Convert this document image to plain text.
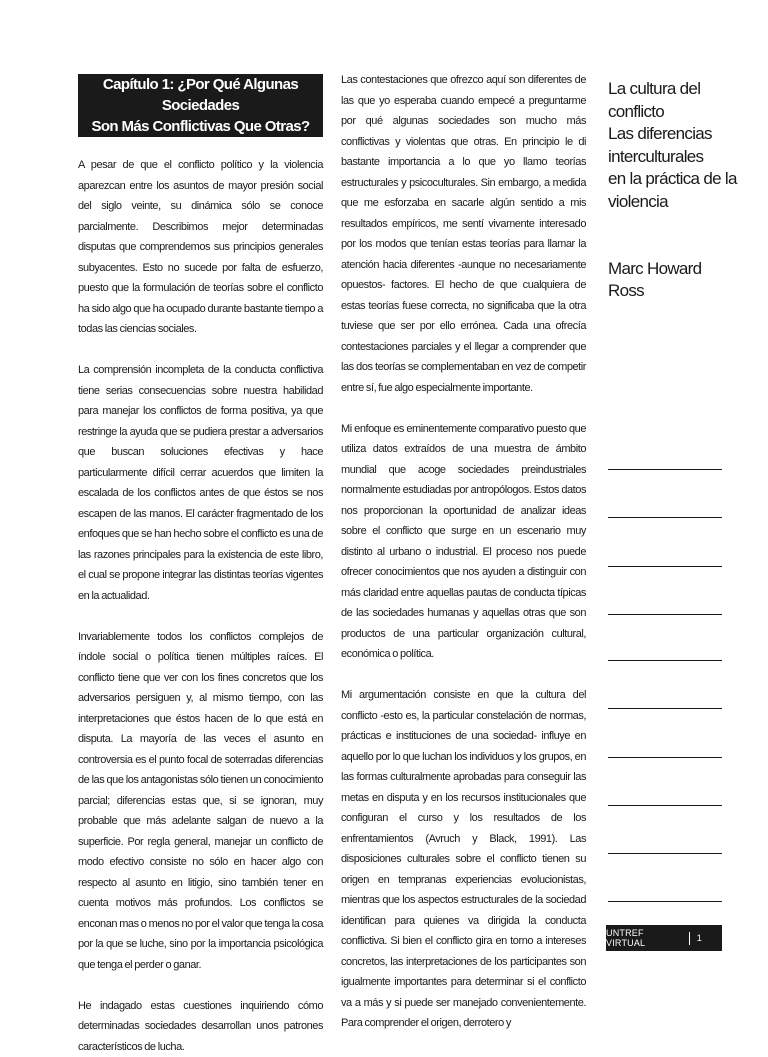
Capítulo 1: ¿Por Qué Algunas Sociedades
Son Más Conflictivas Que Otras?

A pesar de que el conflicto político y la violencia aparezcan entre los asuntos de mayor presión social del siglo veinte, su dinámica sólo se conoce parcialmente. Describimos mejor determinadas disputas que comprendemos sus principios generales subyacentes. Esto no sucede por falta de esfuerzo, puesto que la formulación de teorías sobre el conflicto ha sido algo que ha ocupado durante bastante tiempo a todas las ciencias sociales.

La comprensión incompleta de la conducta conflictiva tiene serias consecuencias sobre nuestra habilidad para manejar los conflictos de forma positiva, ya que restringe la ayuda que se pudiera prestar a adversarios que buscan soluciones efectivas y hace particularmente difícil cerrar acuerdos que limiten la escalada de los conflictos antes de que éstos se nos escapen de las manos. El carácter fragmentado de los enfoques que se han hecho sobre el conflicto es una de las razones principales para la existencia de este libro, el cual se propone integrar las distintas teorías vigentes en la actualidad.

Invariablemente todos los conflictos complejos de índole social o política tienen múltiples raíces. El conflicto tiene que ver con los fines concretos que los adversarios persiguen y, al mismo tiempo, con las interpretaciones que éstos hacen de lo que está en disputa. La mayoría de las veces el asunto en controversia es el punto focal de soterradas diferencias de las que los antagonistas sólo tienen un conocimiento parcial; diferencias estas que, si se ignoran, muy probable que más adelante salgan de nuevo a la superficie. Por regla general, manejar un conflicto de modo efectivo consiste no sólo en hacer algo con respecto al asunto en litigio, sino también tener en cuenta motivos más profundos. Los conflictos se enconan mas o menos no por el valor que tenga la cosa por la que se luche, sino por la importancia psicológica que tenga el perder o ganar.

He indagado estas cuestiones inquiriendo cómo determinadas sociedades desarrollan unos patrones característicos de lucha.

Las contestaciones que ofrezco aquí son diferentes de las que yo esperaba cuando empecé a preguntarme por qué algunas sociedades son mucho más conflictivas y violentas que otras. En principio le di bastante importancia a lo que yo llamo teorías estructurales y psicoculturales. Sin embargo, a medida que me esforzaba en sacarle algún sentido a mis resultados empíricos, me sentí vivamente interesado por los modos que tenían estas teorías para llamar la atención hacia diferentes -aunque no necesariamente opuestos- factores. El hecho de que cualquiera de estas teorías fuese correcta, no significaba que la otra tuviese que ser por ello errónea. Cada una ofrecía contestaciones parciales y el llegar a comprender que las dos teorías se complementaban en vez de competir entre sí, fue algo especialmente importante.

Mi enfoque es eminentemente comparativo puesto que utiliza datos extraídos de una muestra de ámbito mundial que acoge sociedades preindustriales normalmente estudiadas por antropólogos. Estos datos nos proporcionan la oportunidad de analizar ideas sobre el conflicto que surge en un escenario muy distinto al urbano o industrial. El proceso nos puede ofrecer conocimientos que nos ayuden a distinguir con más claridad entre aquellas pautas de conducta típicas de las sociedades humanas y aquellas otras que son productos de una particular organización cultural, económica o política.

Mi argumentación consiste en que la cultura del conflicto -esto es, la particular constelación de normas, prácticas e instituciones de una sociedad- influye en aquello por lo que luchan los individuos y los grupos, en las formas culturalmente aprobadas para conseguir las metas en disputa y en los recursos institucionales que configuran el curso y los resultados de los enfrentamientos (Avruch y Black, 1991). Las disposiciones culturales sobre el conflicto tienen su origen en tempranas experiencias evolucionistas, mientras que los aspectos estructurales de la sociedad identifican para quienes va dirigida la conducta conflictiva. Si bien el conflicto gira en torno a intereses concretos, las interpretaciones de los participantes son igualmente importantes para determinar si el conflicto va a más y si puede ser manejado convenientemente. Para comprender el origen, derrotero y

La cultura del
conflicto
Las diferencias
interculturales
en la práctica de la
violencia
Marc Howard Ross
UNTREF VIRTUAL	1
